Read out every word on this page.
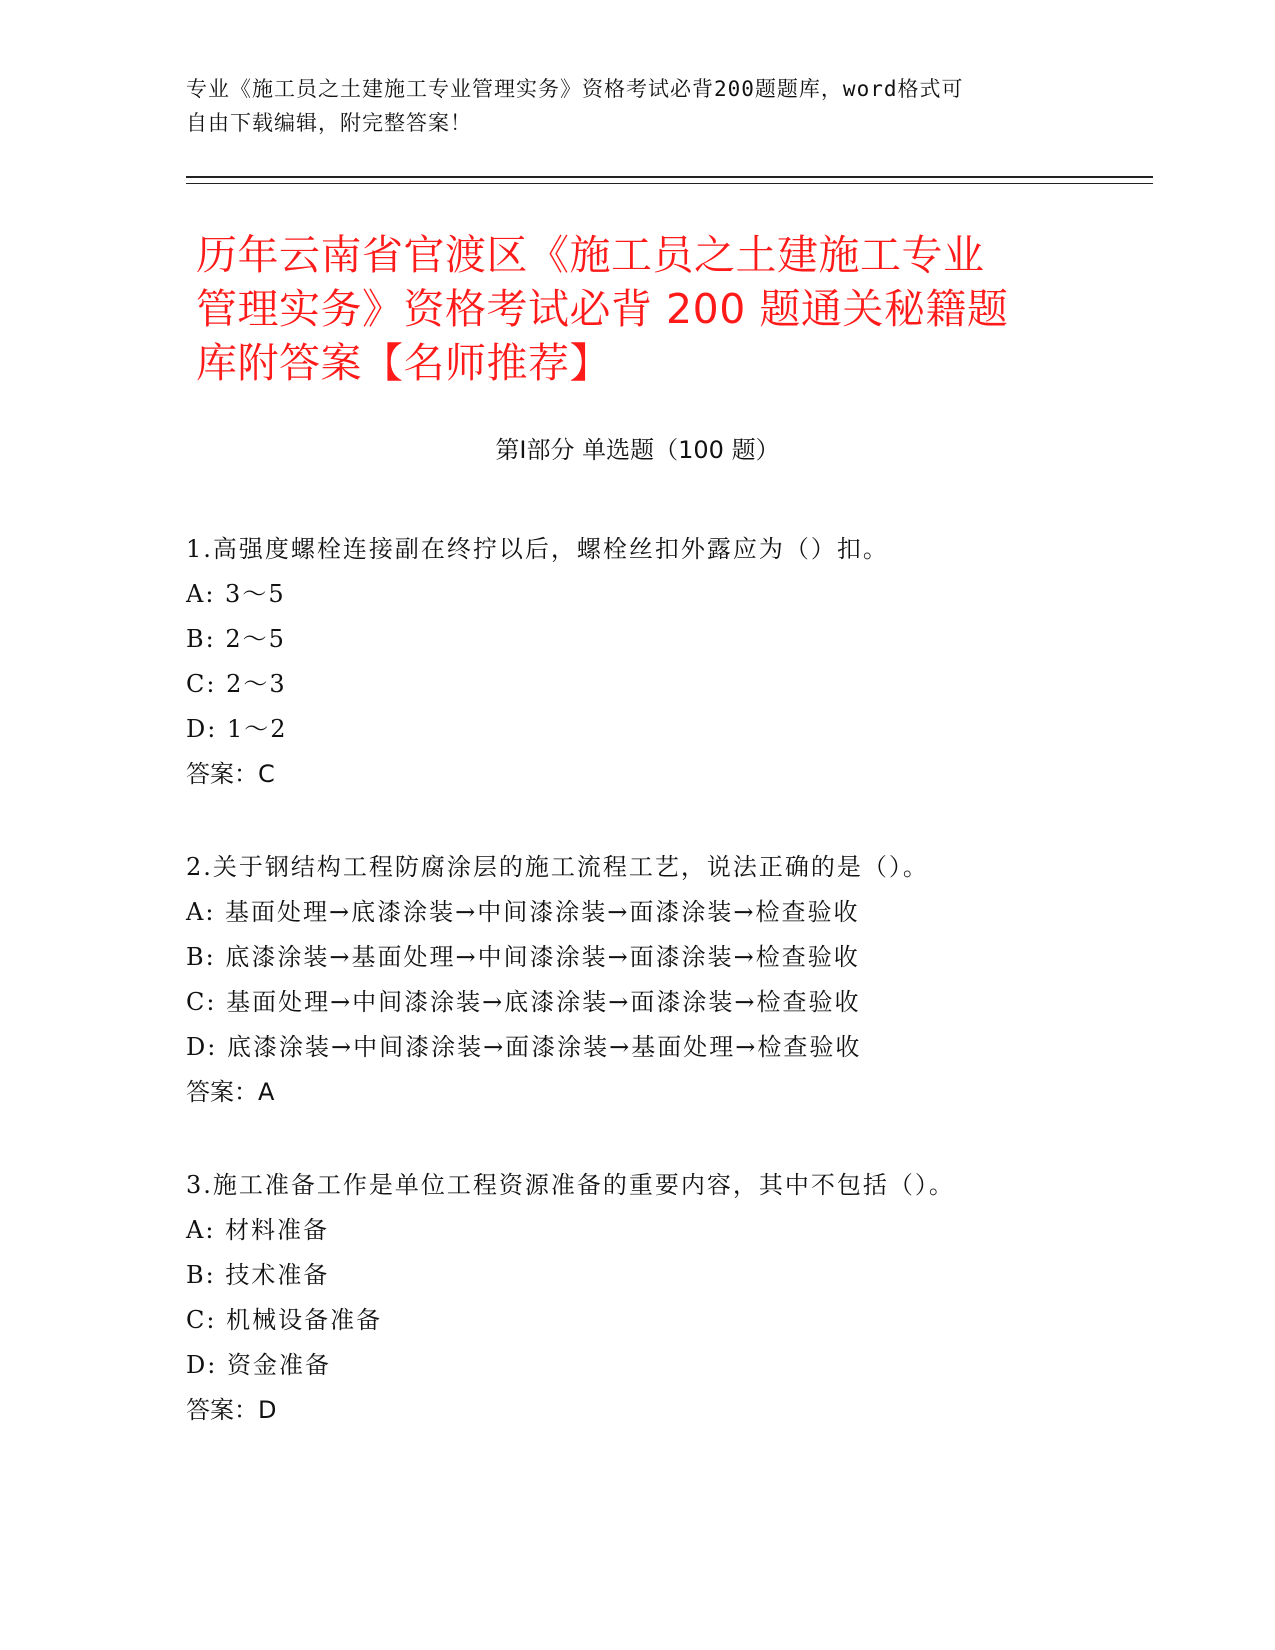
专业《施工员之土建施工专业管理实务》资格考试必背200题题库，word格式可
自由下载编辑，附完整答案！
历年云南省官渡区《施工员之土建施工专业
管理实务》资格考试必背 200 题通关秘籍题
库附答案【名师推荐】
第Ⅰ部分 单选题（100 题）
1.高强度螺栓连接副在终拧以后，螺栓丝扣外露应为（）扣。
A: 3～5
B: 2～5
C: 2～3
D: 1～2
答案：C
2.关于钢结构工程防腐涂层的施工流程工艺，说法正确的是（）。
A: 基面处理→底漆涂装→中间漆涂装→面漆涂装→检查验收
B: 底漆涂装→基面处理→中间漆涂装→面漆涂装→检查验收
C: 基面处理→中间漆涂装→底漆涂装→面漆涂装→检查验收
D: 底漆涂装→中间漆涂装→面漆涂装→基面处理→检查验收
答案：A
3.施工准备工作是单位工程资源准备的重要内容，其中不包括（）。
A: 材料准备
B: 技术准备
C: 机械设备准备
D: 资金准备
答案：D
